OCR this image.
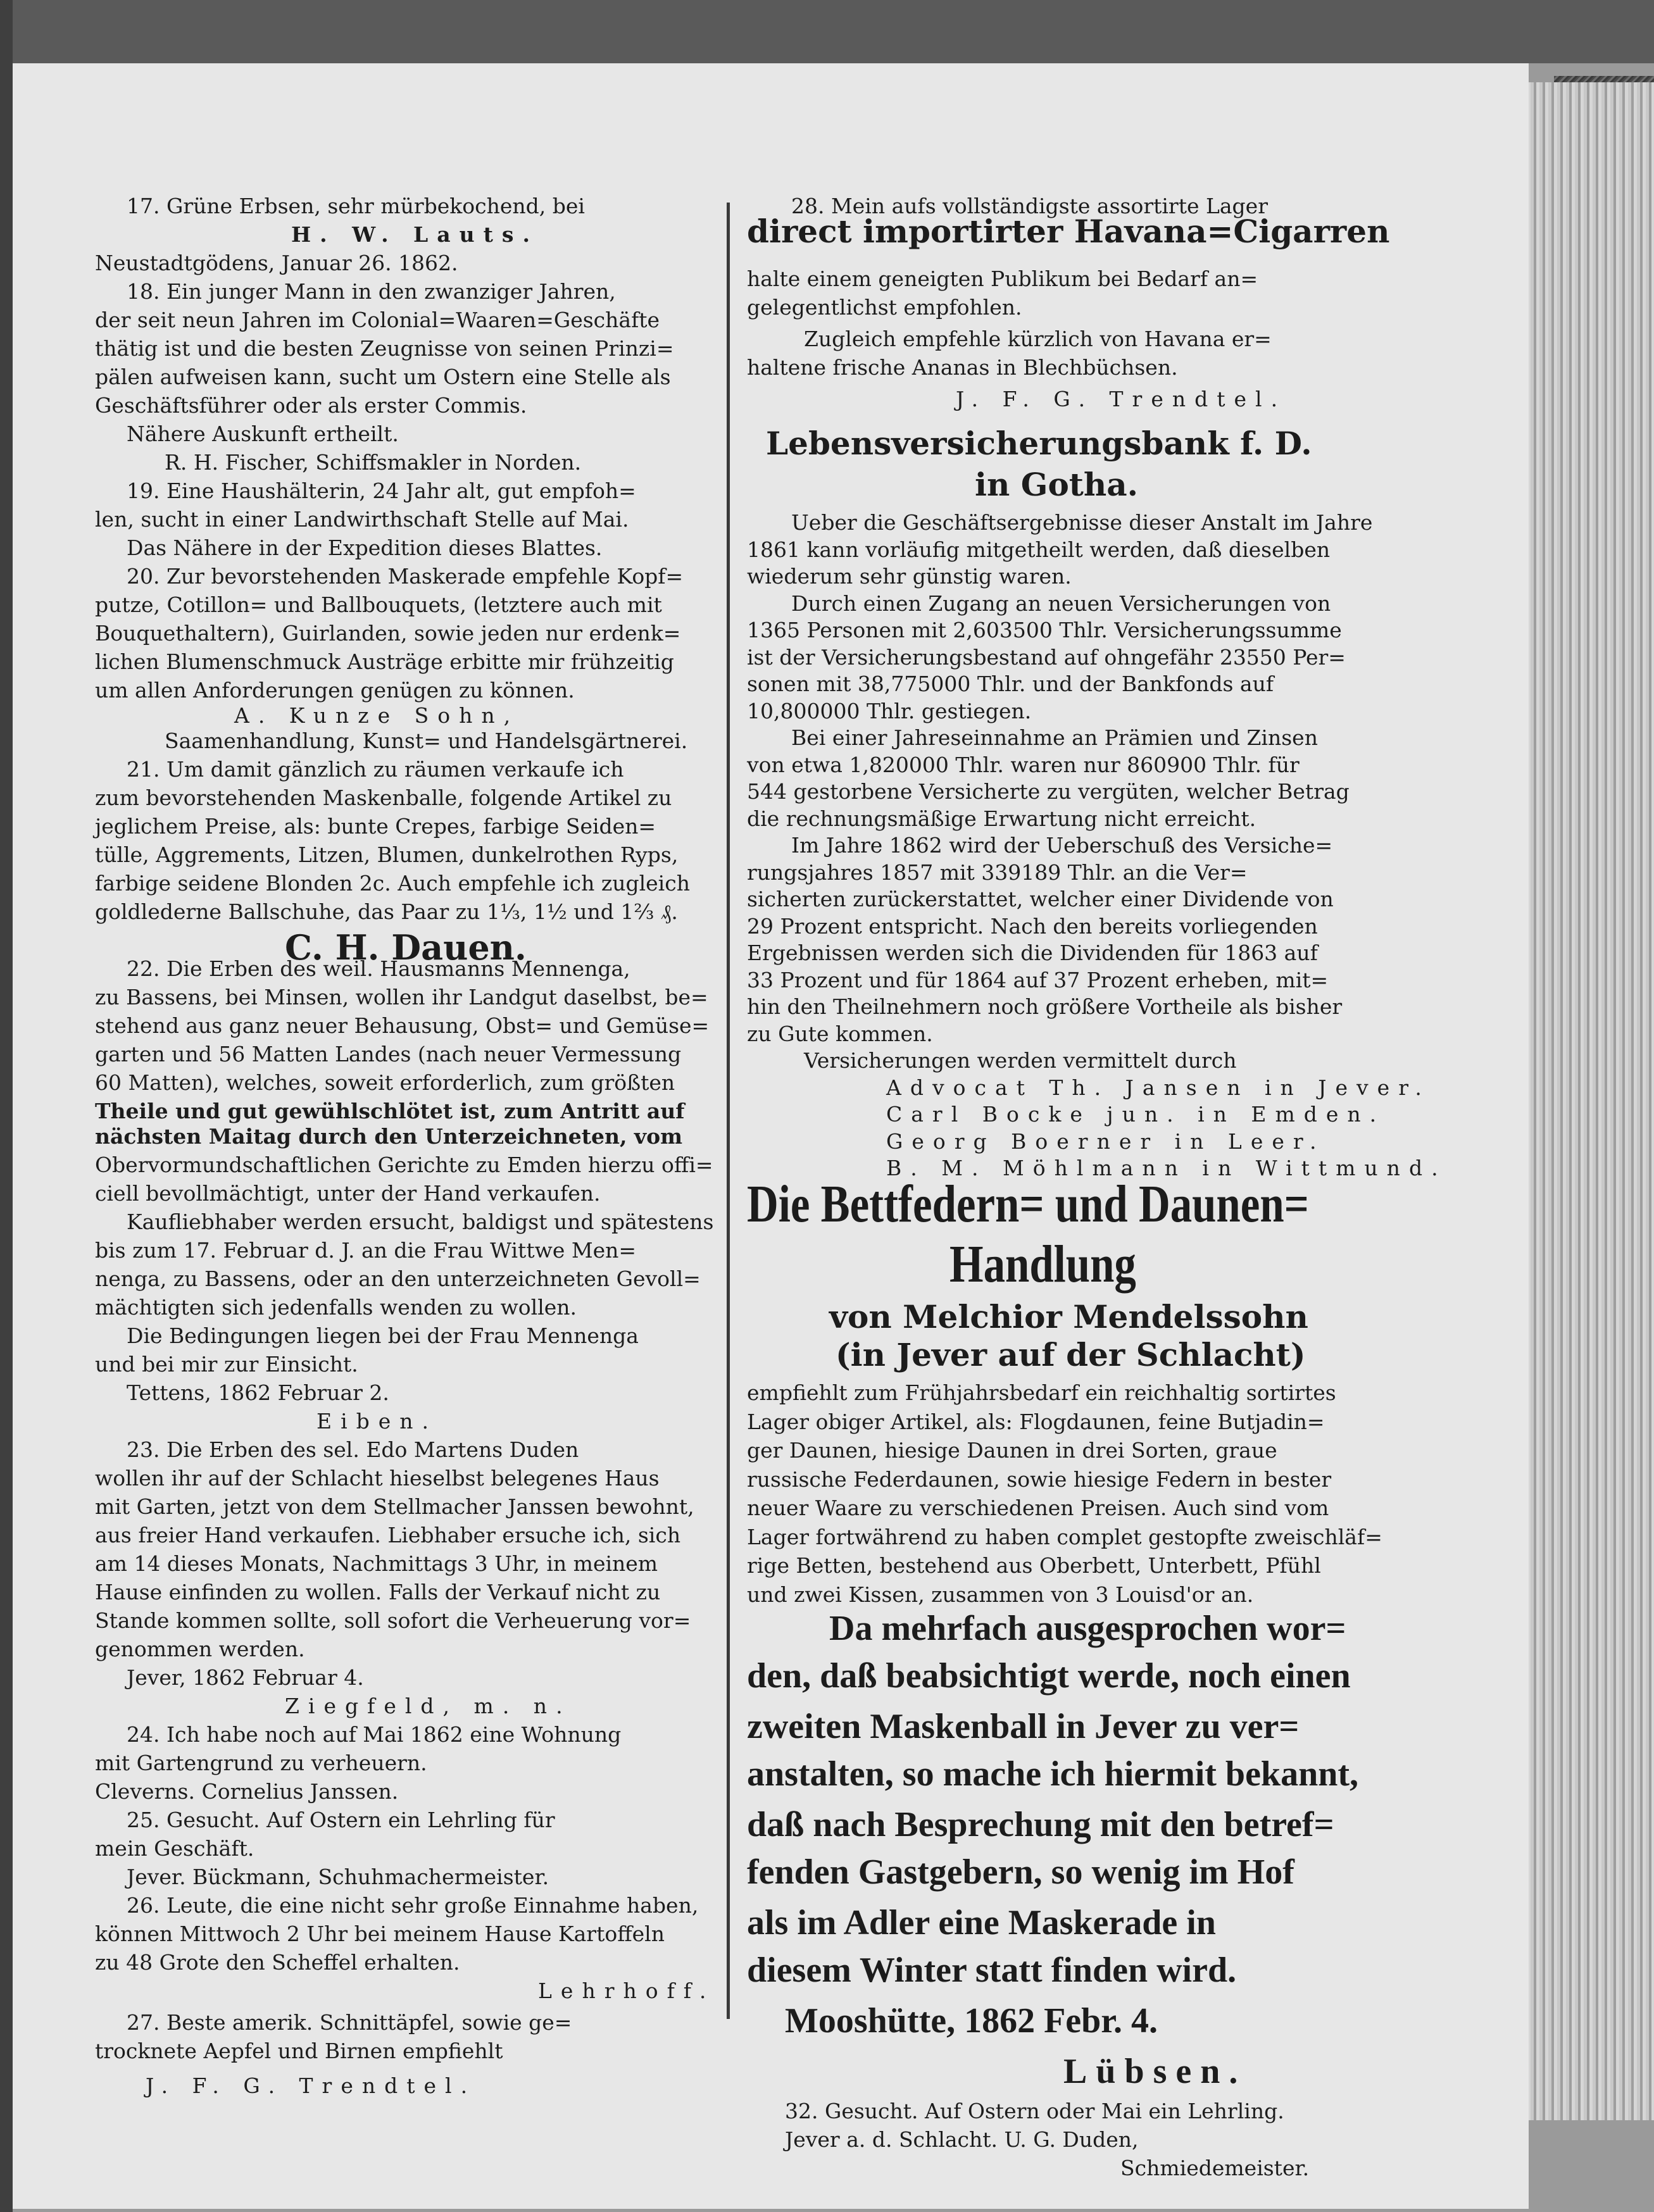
17. Grüne Erbsen, sehr mürbekochend, bei
H. W. Lauts.
Neustadtgödens, Januar 26. 1862.
18. Ein junger Mann in den zwanziger Jahren,
der seit neun Jahren im Colonial=Waaren=Geschäfte
thätig ist und die besten Zeugnisse von seinen Prinzi=
pälen aufweisen kann, sucht um Ostern eine Stelle als
Geschäftsführer oder als erster Commis.
Nähere Auskunft ertheilt.
R. H. Fischer, Schiffsmakler in Norden.
19. Eine Haushälterin, 24 Jahr alt, gut empfoh=
len, sucht in einer Landwirthschaft Stelle auf Mai.
Das Nähere in der Expedition dieses Blattes.
20. Zur bevorstehenden Maskerade empfehle Kopf=
putze, Cotillon= und Ballbouquets, (letztere auch mit
Bouquethaltern), Guirlanden, sowie jeden nur erdenk=
lichen Blumenschmuck Austräge erbitte mir frühzeitig
um allen Anforderungen genügen zu können.
A. Kunze Sohn,
Saamenhandlung, Kunst= und Handelsgärtnerei.
21. Um damit gänzlich zu räumen verkaufe ich
zum bevorstehenden Maskenballe, folgende Artikel zu
jeglichem Preise, als: bunte Crepes, farbige Seiden=
tülle, Aggrements, Litzen, Blumen, dunkelrothen Ryps,
farbige seidene Blonden 2c. Auch empfehle ich zugleich
goldlederne Ballschuhe, das Paar zu 1⅓, 1½ und 1⅔ ₰.
C. H. Dauen.
22. Die Erben des weil. Hausmanns Mennenga,
zu Bassens, bei Minsen, wollen ihr Landgut daselbst, be=
stehend aus ganz neuer Behausung, Obst= und Gemüse=
garten und 56 Matten Landes (nach neuer Vermessung
60 Matten), welches, soweit erforderlich, zum größten
Theile und gut gewühlschlötet ist, zum Antritt auf
nächsten Maitag durch den Unterzeichneten, vom
Obervormundschaftlichen Gerichte zu Emden hierzu offi=
ciell bevollmächtigt, unter der Hand verkaufen.
Kaufliebhaber werden ersucht, baldigst und spätestens
bis zum 17. Februar d. J. an die Frau Wittwe Men=
nenga, zu Bassens, oder an den unterzeichneten Gevoll=
mächtigten sich jedenfalls wenden zu wollen.
Die Bedingungen liegen bei der Frau Mennenga
und bei mir zur Einsicht.
Tettens, 1862 Februar 2.
Eiben.
23. Die Erben des sel. Edo Martens Duden
wollen ihr auf der Schlacht hieselbst belegenes Haus
mit Garten, jetzt von dem Stellmacher Janssen bewohnt,
aus freier Hand verkaufen. Liebhaber ersuche ich, sich
am 14 dieses Monats, Nachmittags 3 Uhr, in meinem
Hause einfinden zu wollen. Falls der Verkauf nicht zu
Stande kommen sollte, soll sofort die Verheuerung vor=
genommen werden.
Jever, 1862 Februar 4.
Ziegfeld, m. n.
24. Ich habe noch auf Mai 1862 eine Wohnung
mit Gartengrund zu verheuern.
Cleverns. Cornelius Janssen.
25. Gesucht. Auf Ostern ein Lehrling für
mein Geschäft.
Jever. Bückmann, Schuhmachermeister.
26. Leute, die eine nicht sehr große Einnahme haben,
können Mittwoch 2 Uhr bei meinem Hause Kartoffeln
zu 48 Grote den Scheffel erhalten.
Lehrhoff.
27. Beste amerik. Schnittäpfel, sowie ge=
trocknete Aepfel und Birnen empfiehlt
J. F. G. Trendtel.
28. Mein aufs vollständigste assortirte Lager
direct importirter Havana=Cigarren
halte einem geneigten Publikum bei Bedarf an=
gelegentlichst empfohlen.
Zugleich empfehle kürzlich von Havana er=
haltene frische Ananas in Blechbüchsen.
J. F. G. Trendtel.
Lebensversicherungsbank f. D.
in Gotha.
Ueber die Geschäftsergebnisse dieser Anstalt im Jahre
1861 kann vorläufig mitgetheilt werden, daß dieselben
wiederum sehr günstig waren.
Durch einen Zugang an neuen Versicherungen von
1365 Personen mit 2,603500 Thlr. Versicherungssumme
ist der Versicherungsbestand auf ohngefähr 23550 Per=
sonen mit 38,775000 Thlr. und der Bankfonds auf
10,800000 Thlr. gestiegen.
Bei einer Jahreseinnahme an Prämien und Zinsen
von etwa 1,820000 Thlr. waren nur 860900 Thlr. für
544 gestorbene Versicherte zu vergüten, welcher Betrag
die rechnungsmäßige Erwartung nicht erreicht.
Im Jahre 1862 wird der Ueberschuß des Versiche=
rungsjahres 1857 mit 339189 Thlr. an die Ver=
sicherten zurückerstattet, welcher einer Dividende von
29 Prozent entspricht. Nach den bereits vorliegenden
Ergebnissen werden sich die Dividenden für 1863 auf
33 Prozent und für 1864 auf 37 Prozent erheben, mit=
hin den Theilnehmern noch größere Vortheile als bisher
zu Gute kommen.
Versicherungen werden vermittelt durch
Advocat Th. Jansen in Jever.
Carl Bocke jun. in Emden.
Georg Boerner in Leer.
B. M. Möhlmann in Wittmund.
Die Bettfedern= und Daunen=
Handlung
von Melchior Mendelssohn
(in Jever auf der Schlacht)
empfiehlt zum Frühjahrsbedarf ein reichhaltig sortirtes
Lager obiger Artikel, als: Flogdaunen, feine Butjadin=
ger Daunen, hiesige Daunen in drei Sorten, graue
russische Federdaunen, sowie hiesige Federn in bester
neuer Waare zu verschiedenen Preisen. Auch sind vom
Lager fortwährend zu haben complet gestopfte zweischläf=
rige Betten, bestehend aus Oberbett, Unterbett, Pfühl
und zwei Kissen, zusammen von 3 Louisd'or an.
Da mehrfach ausgesprochen wor=
den, daß beabsichtigt werde, noch einen
zweiten Maskenball in Jever zu ver=
anstalten, so mache ich hiermit bekannt,
daß nach Besprechung mit den betref=
fenden Gastgebern, so wenig im Hof
als im Adler eine Maskerade in
diesem Winter statt finden wird.
Mooshütte, 1862 Febr. 4.
Lübsen.
32. Gesucht. Auf Ostern oder Mai ein Lehrling.
Jever a. d. Schlacht. U. G. Duden,
Schmiedemeister.
